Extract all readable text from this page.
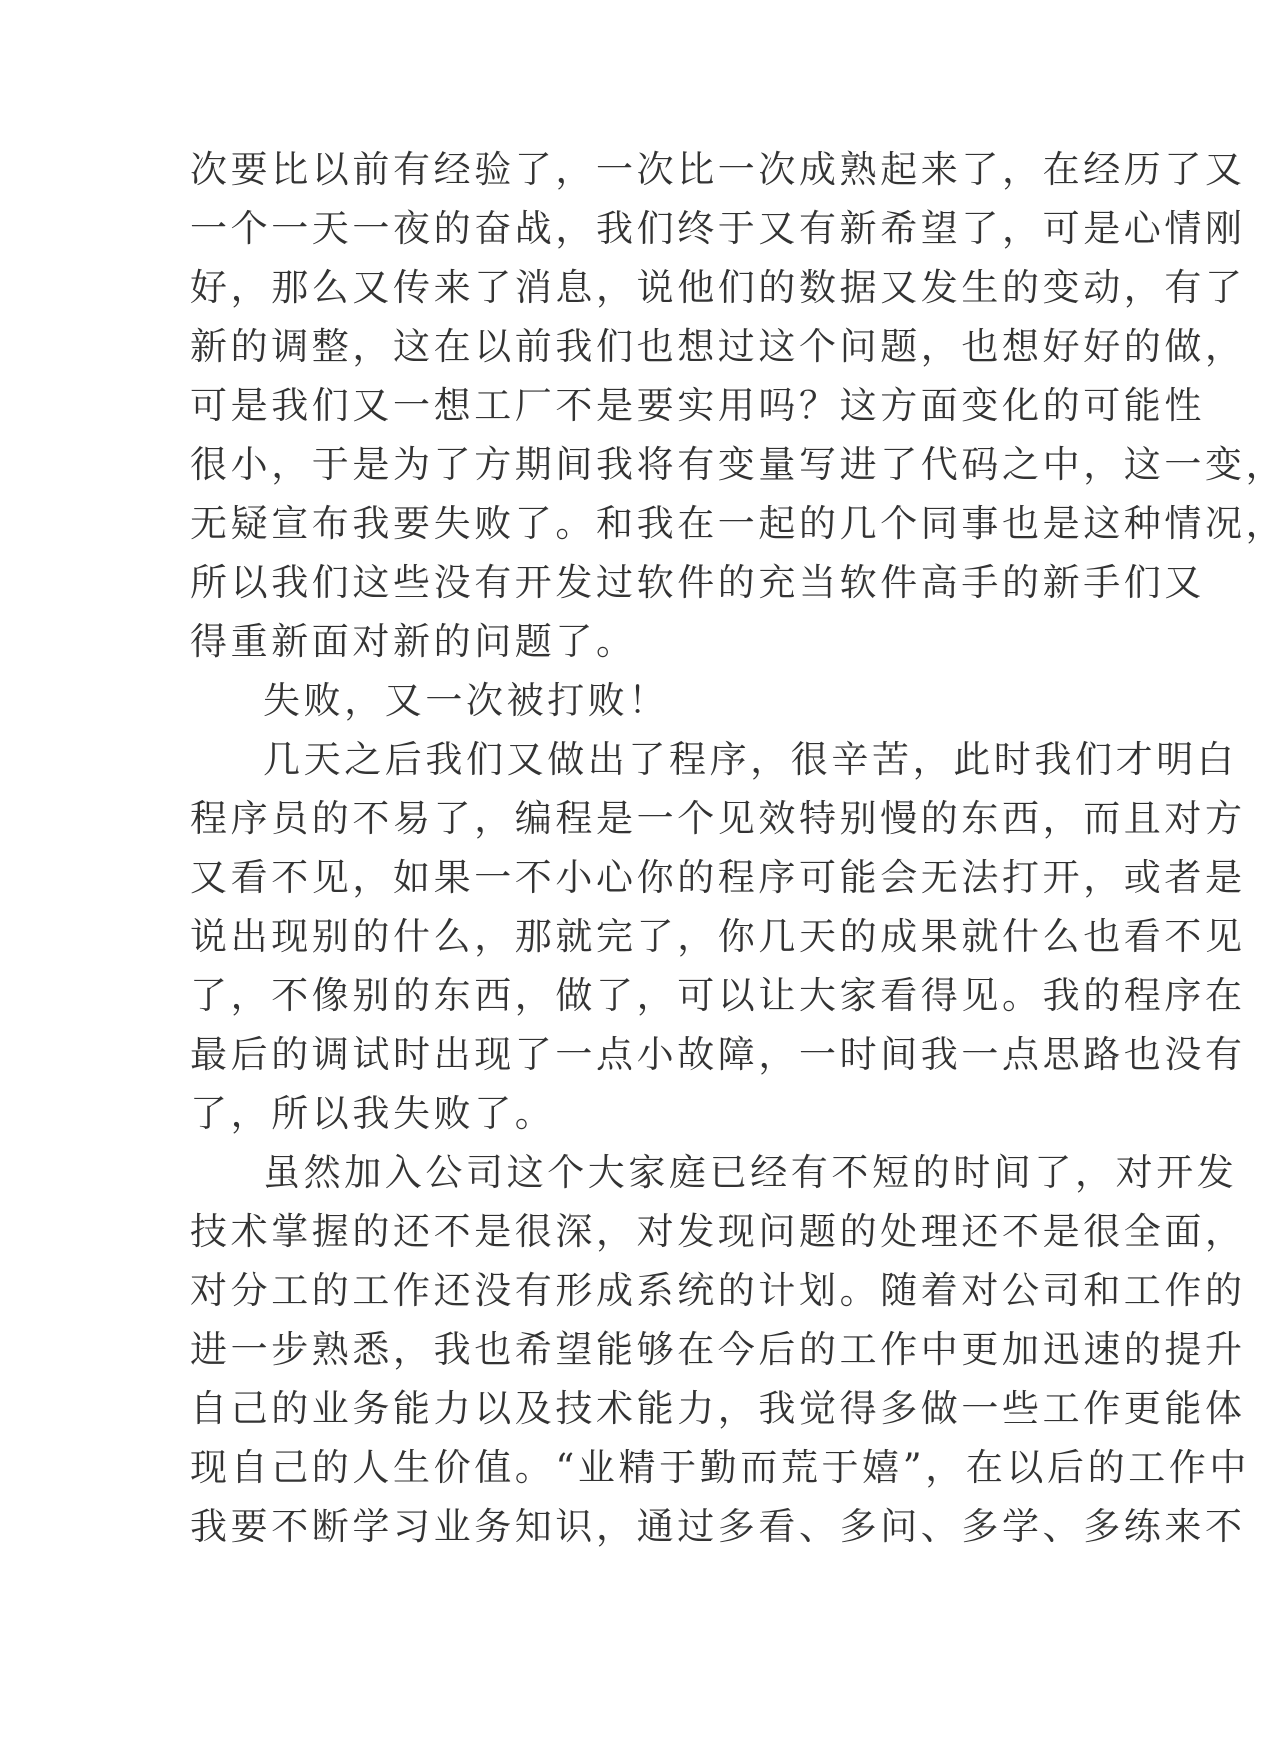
次要比以前有经验了，一次比一次成熟起来了，在经历了又
一个一天一夜的奋战，我们终于又有新希望了，可是心情刚
好，那么又传来了消息，说他们的数据又发生的变动，有了
新的调整，这在以前我们也想过这个问题，也想好好的做，
可是我们又一想工厂不是要实用吗？这方面变化的可能性
很小，于是为了方期间我将有变量写进了代码之中，这一变，
无疑宣布我要失败了。和我在一起的几个同事也是这种情况，
所以我们这些没有开发过软件的充当软件高手的新手们又
得重新面对新的问题了。
失败，又一次被打败！
几天之后我们又做出了程序，很辛苦，此时我们才明白
程序员的不易了，编程是一个见效特别慢的东西，而且对方
又看不见，如果一不小心你的程序可能会无法打开，或者是
说出现别的什么，那就完了，你几天的成果就什么也看不见
了，不像别的东西，做了，可以让大家看得见。我的程序在
最后的调试时出现了一点小故障，一时间我一点思路也没有
了，所以我失败了。
虽然加入公司这个大家庭已经有不短的时间了，对开发
技术掌握的还不是很深，对发现问题的处理还不是很全面，
对分工的工作还没有形成系统的计划。随着对公司和工作的
进一步熟悉，我也希望能够在今后的工作中更加迅速的提升
自己的业务能力以及技术能力，我觉得多做一些工作更能体
现自己的人生价值。“业精于勤而荒于嬉”，在以后的工作中
我要不断学习业务知识，通过多看、多问、多学、多练来不
